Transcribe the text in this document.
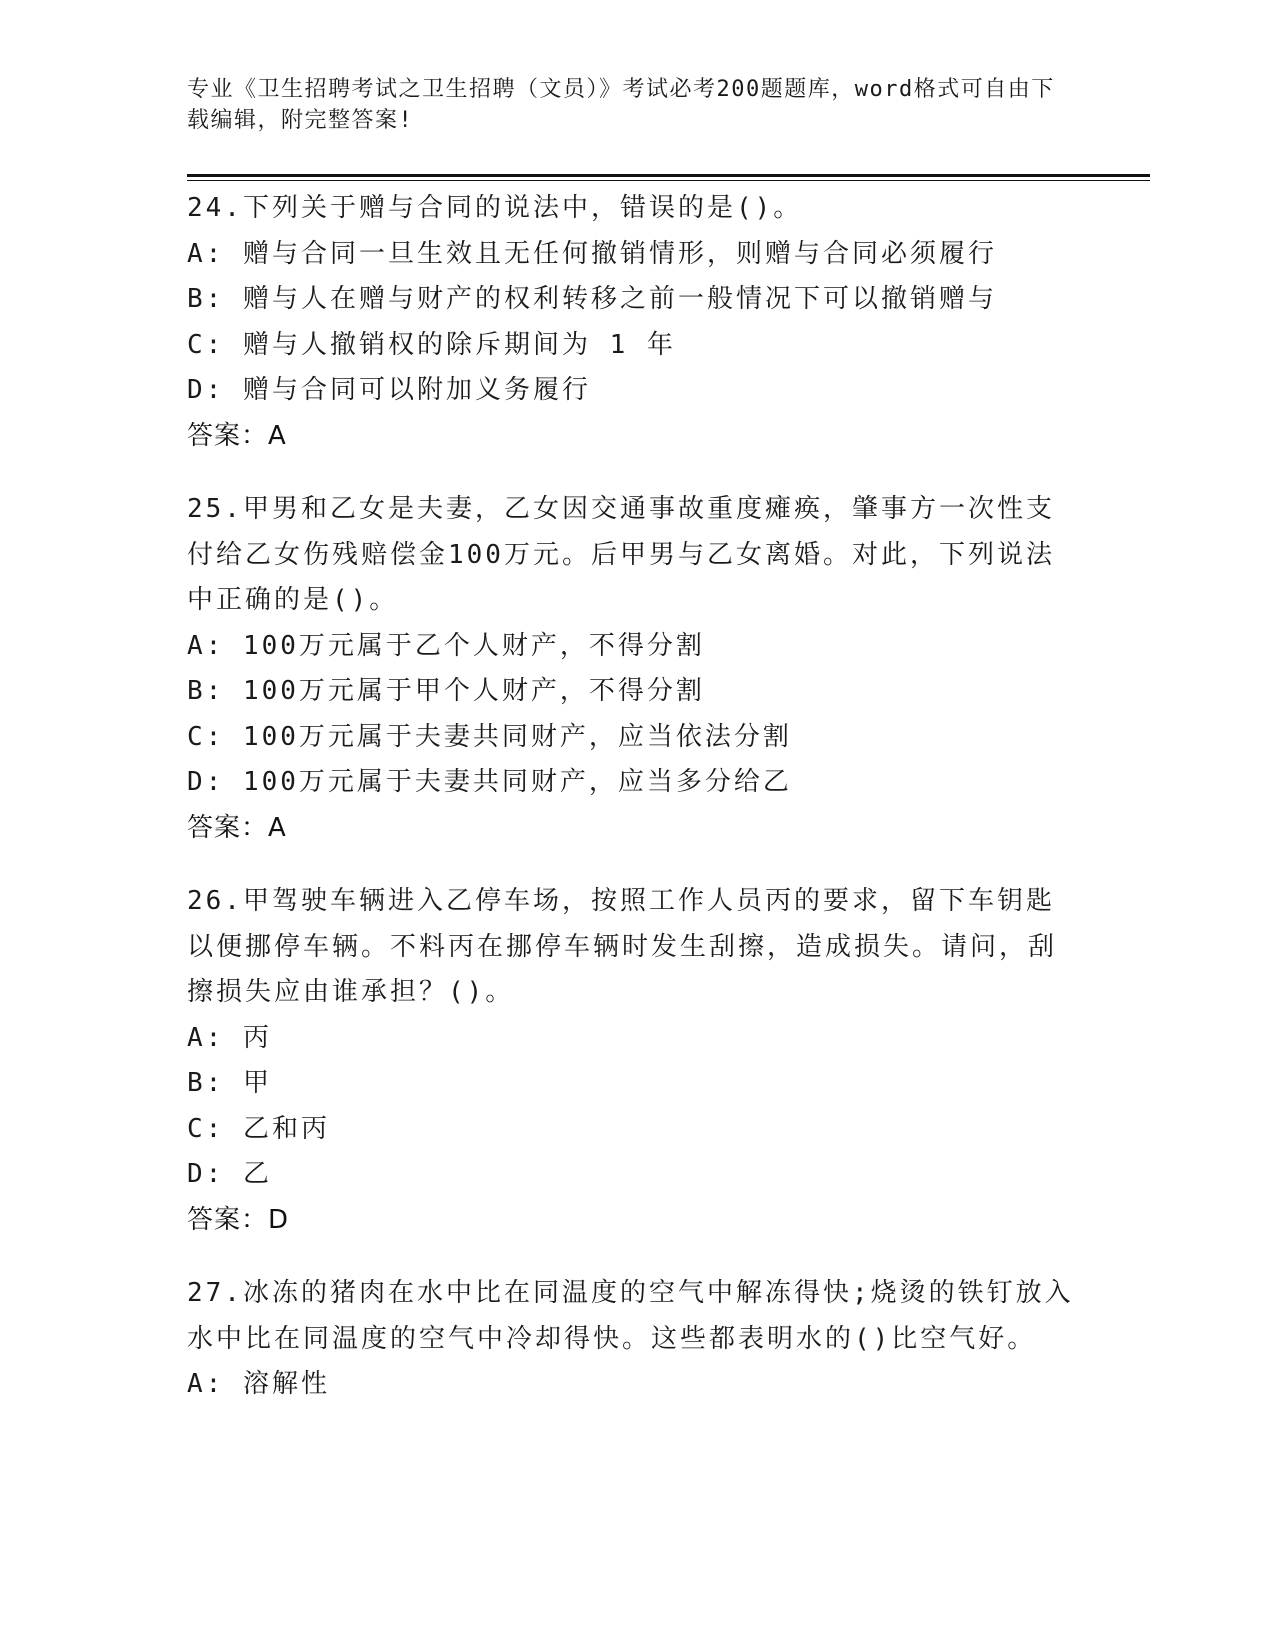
专业《卫生招聘考试之卫生招聘（文员）》考试必考200题题库，word格式可自由下载编辑，附完整答案!
24.下列关于赠与合同的说法中，错误的是()。
A: 赠与合同一旦生效且无任何撤销情形，则赠与合同必须履行
B: 赠与人在赠与财产的权利转移之前一般情况下可以撤销赠与
C: 赠与人撤销权的除斥期间为 1 年
D: 赠与合同可以附加义务履行
答案：A
25.甲男和乙女是夫妻，乙女因交通事故重度瘫痪，肇事方一次性支付给乙女伤残赔偿金100万元。后甲男与乙女离婚。对此，下列说法中正确的是()。
A: 100万元属于乙个人财产，不得分割
B: 100万元属于甲个人财产，不得分割
C: 100万元属于夫妻共同财产，应当依法分割
D: 100万元属于夫妻共同财产，应当多分给乙
答案：A
26.甲驾驶车辆进入乙停车场，按照工作人员丙的要求，留下车钥匙以便挪停车辆。不料丙在挪停车辆时发生刮擦，造成损失。请问，刮擦损失应由谁承担？()。
A: 丙
B: 甲
C: 乙和丙
D: 乙
答案：D
27.冰冻的猪肉在水中比在同温度的空气中解冻得快;烧烫的铁钉放入水中比在同温度的空气中冷却得快。这些都表明水的()比空气好。
A: 溶解性
